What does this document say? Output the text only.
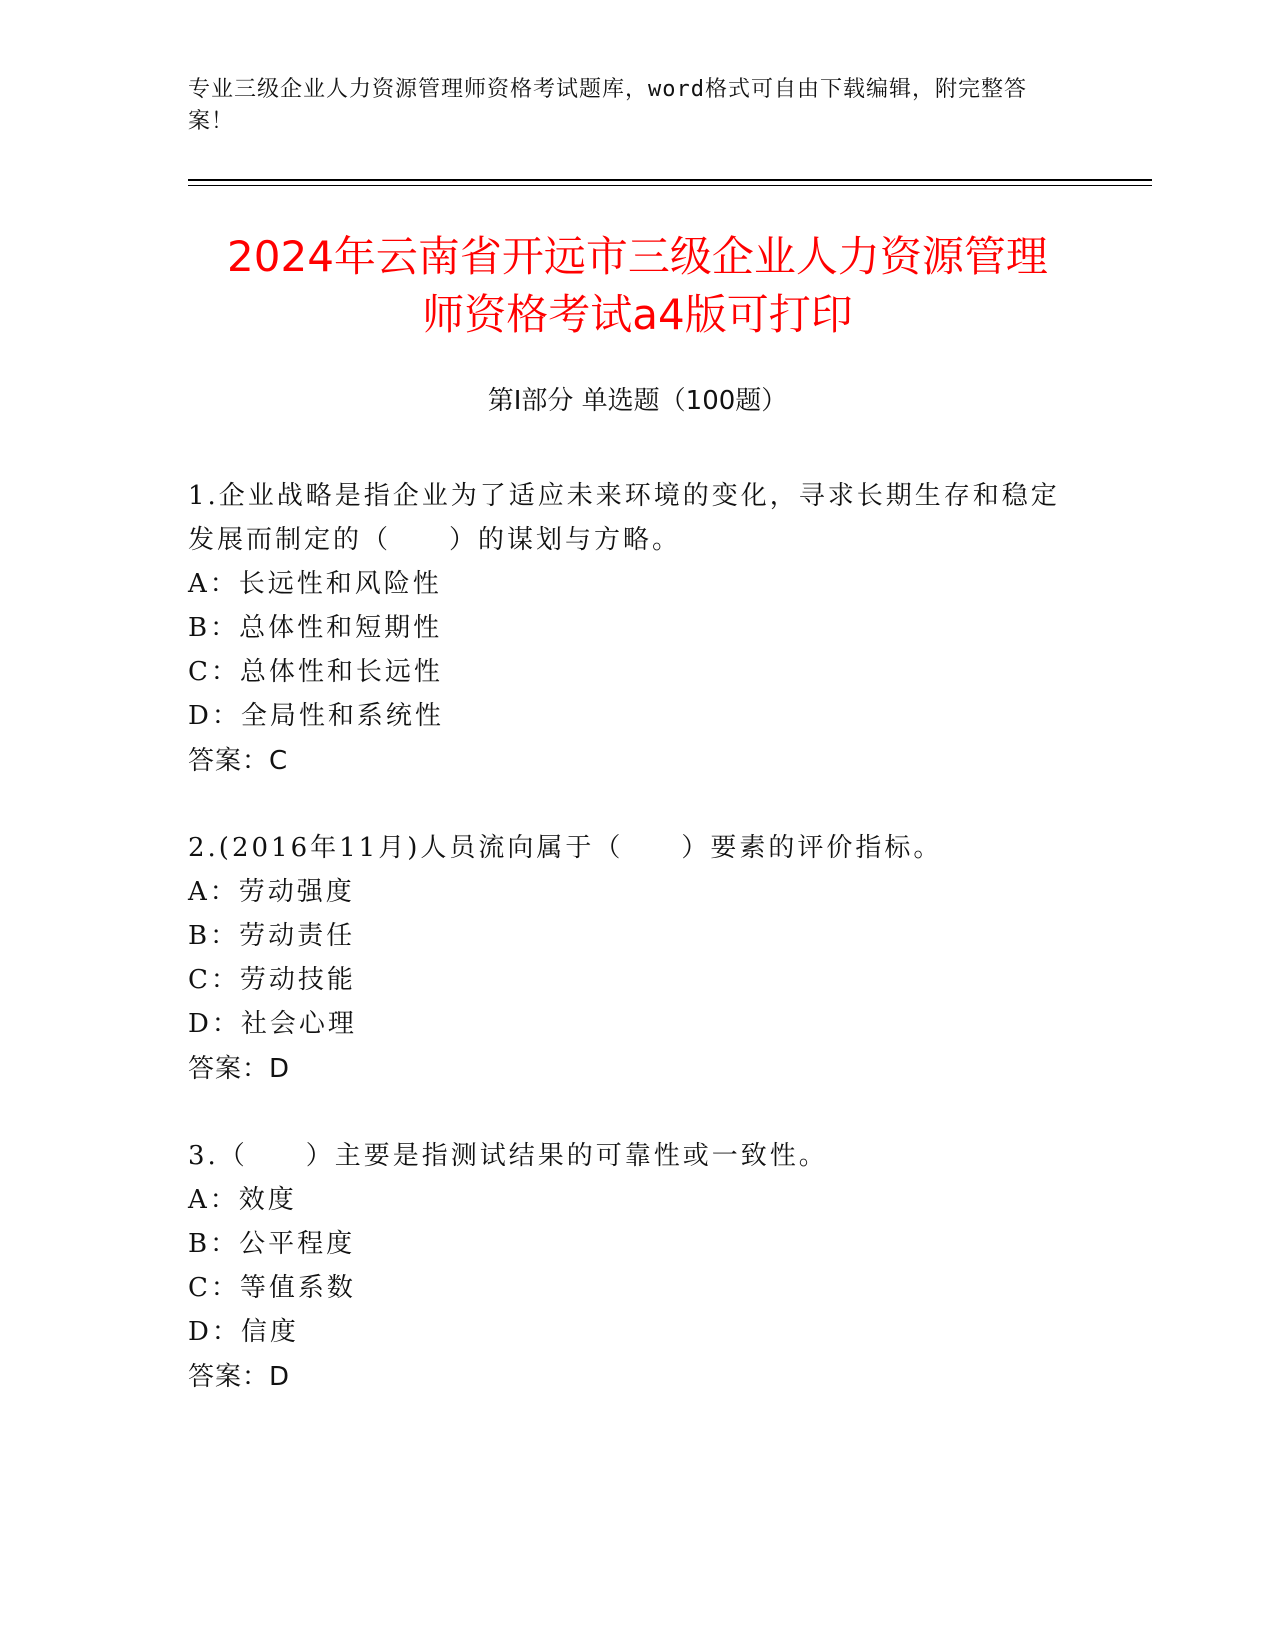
专业三级企业人力资源管理师资格考试题库，word格式可自由下载编辑，附完整答案！
2024年云南省开远市三级企业人力资源管理
师资格考试a4版可打印
第I部分 单选题（100题）

1.企业战略是指企业为了适应未来环境的变化，寻求长期生存和稳定发展而制定的（　　）的谋划与方略。

A：长远性和风险性

B：总体性和短期性

C：总体性和长远性

D：全局性和系统性

答案：C

2.(2016年11月)人员流向属于（　　）要素的评价指标。

A：劳动强度

B：劳动责任

C：劳动技能

D：社会心理

答案：D

3.（　　）主要是指测试结果的可靠性或一致性。

A：效度

B：公平程度

C：等值系数

D：信度

答案：D
